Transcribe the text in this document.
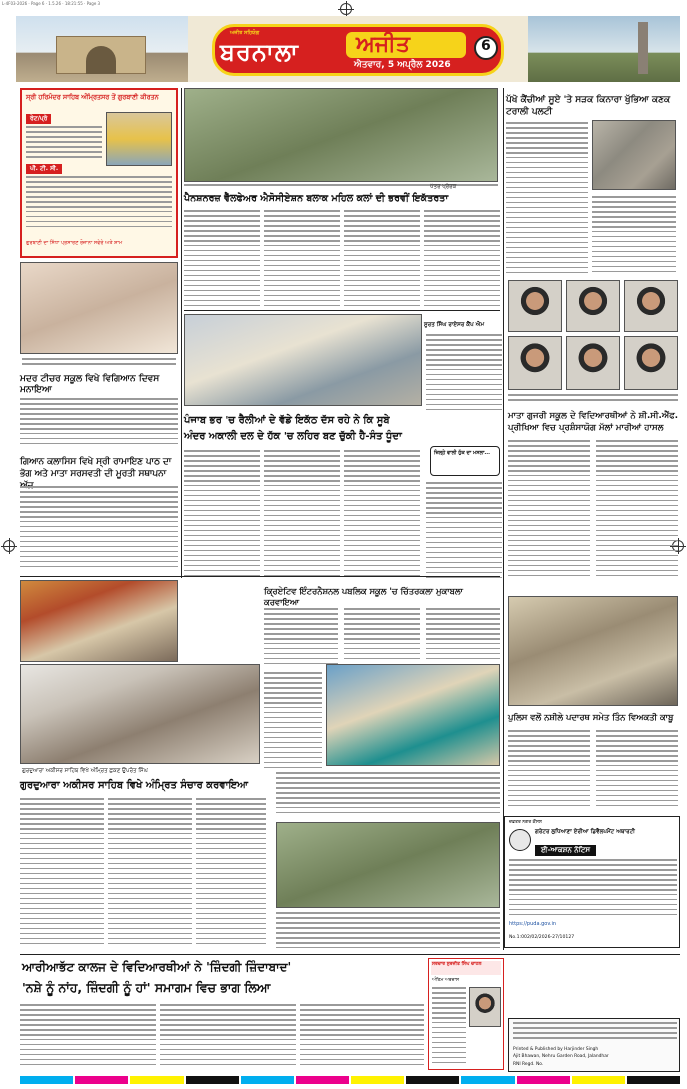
L-4F03-2026 · Page 6 · 1.5.26 · 18:21:55 · Page 3
ਅਜੀਤ ਸਹਿਯੋਗ
ਬਰਨਾਲਾ	ਅਜੀਤ
ਐਤਵਾਰ, 5 ਅਪ੍ਰੈਲ 2026
6
ਸ੍ਰੀ ਹਰਿਮੰਦਰ ਸਾਹਿਬ ਅੰਮ੍ਰਿਤਸਰ ਤੋਂ ਗੁਰਬਾਣੀ ਕੀਰਤਨ
ਰੇਟ/ਪ੍ਰੋ
ਪੀ. ਟੀ. ਸੀ.
ਗੁਰਬਾਣੀ ਦਾ ਸਿੱਧਾ ਪ੍ਰਸਾਰਣ ਰੋਜ਼ਾਨਾ ਸਵੇਰੇ ਅਤੇ ਸ਼ਾਮ
ਮਦਰ ਟੀਚਰ ਸਕੂਲ ਵਿਖੇ ਵਿਗਿਆਨ ਦਿਵਸ ਮਨਾਇਆ
ਗਿਆਨ ਕਲਾਸਿਸ ਵਿਖੇ ਸ੍ਰੀ ਰਾਮਾਇਣ ਪਾਠ ਦਾ ਭੋਗ ਅਤੇ ਮਾਤਾ ਸਰਸਵਤੀ ਦੀ ਮੂਰਤੀ ਸਥਾਪਨਾ
ਪੈਨਸ਼ਨਰਜ਼ ਵੈੱਲਫੇਅਰ ਐਸੋਸੀਏਸ਼ਨ ਬਲਾਕ ਮਹਿਲ ਕਲਾਂ ਦੀ ਭਰਵੀਂ ਇਕੱਤਰਤਾ
ਪੱਤਰ ਪ੍ਰੇਰਕ
ਪੱਖੋ ਕੈਂਚੀਆਂ ਸੂਏ 'ਤੇ ਸੜਕ ਕਿਨਾਰਾ ਖੁੱਭਿਆ ਕਣਕ ਟਰਾਲੀ ਪਲਟੀ
ਸੂਰਤ ਸਿੰਘ ਰਾਏਸਰ ਕੈਂਪ ਐਮ
ਪੰਜਾਬ ਭਰ 'ਚ ਰੈਲੀਆਂ ਦੇ ਵੱਡੇ ਇਕੱਠ ਦੱਸ ਰਹੇ ਨੇ ਕਿ ਸੂਬੇ
ਅੰਦਰ ਅਕਾਲੀ ਦਲ ਦੇ ਹੱਕ 'ਚ ਲਹਿਰ ਬਣ ਚੁੱਕੀ ਹੈ-ਸੰਤ ਧੂੰਦਾ
ਜ਼ਿਲ੍ਹੇ ਵਾਲੀ ਹੁੱਕ ਦਾ ਮਸਲਾ...
ਮਾਤਾ ਗੁਜਰੀ ਸਕੂਲ ਦੇ ਵਿਦਿਆਰਥੀਆਂ ਨੇ ਸ਼ੀ.ਸੀ.ਐੱਫ. ਪ੍ਰੀਖਿਆ ਵਿਚ ਪ੍ਰਸ਼ੰਸਾਯੋਗ ਮੱਲਾਂ ਮਾਰੀਆਂ ਹਾਸਲ
ਗੁਰਦੁਆਰਾ ਅਕੀਸਰ ਸਾਹਿਬ ਵਿਖੇ ਅੰਮ੍ਰਿਤ ਛਕਣ ਉਪਰੰਤ ਸਿੰਘ
ਗੁਰਦੁਆਰਾ ਅਕੀਸਰ ਸਾਹਿਬ ਵਿਖੇ ਅੰਮ੍ਰਿਤ ਸੰਚਾਰ ਕਰਵਾਇਆ
ਕ੍ਰਿਏਟਿਵ ਇੰਟਰਨੈਸ਼ਨਲ ਪਬਲਿਕ ਸਕੂਲ 'ਚ ਚਿੱਤਰਕਲਾ ਮੁਕਾਬਲਾ ਕਰਵਾਇਆ
ਪੁਲਿਸ ਵਲੋਂ ਨਸ਼ੀਲੇ ਪਦਾਰਥ ਸਮੇਤ ਤਿੰਨ ਵਿਅਕਤੀ ਕਾਬੂ
ਦਫ਼ਤਰ ਨਗਰ ਕੌਂਸਲ
ਗਰੇਟਰ ਲੁਧਿਆਣਾ ਏਰੀਆ ਡਿਵੈਲਪਮੈਂਟ ਅਥਾਰਟੀ
ਈ-ਆਕਸ਼ਨ ਨੋਟਿਸ
https://puda.gov.in
No.1:002/02/2026-27/10127
ਆਰੀਆਭੱਟ ਕਾਲਜ ਦੇ ਵਿਦਿਆਰਥੀਆਂ ਨੇ 'ਜ਼ਿੰਦਗੀ ਜ਼ਿੰਦਾਬਾਦ'
'ਨਸ਼ੇ ਨੂੰ ਨਾਂਹ, ਜ਼ਿੰਦਗੀ ਨੂੰ ਹਾਂ' ਸਮਾਗਮ ਵਿਚ ਭਾਗ ਲਿਆ
ਸਰਦਾਰ ਸੁਰਜੀਤ ਸਿੰਘ ਚਾਹਲ
ਅੰਤਿਮ ਅਰਦਾਸ
Printed & Published by Harjinder Singh
Ajit Bhawan, Nehru Garden Road, Jalandhar
RNI Regd. No.
